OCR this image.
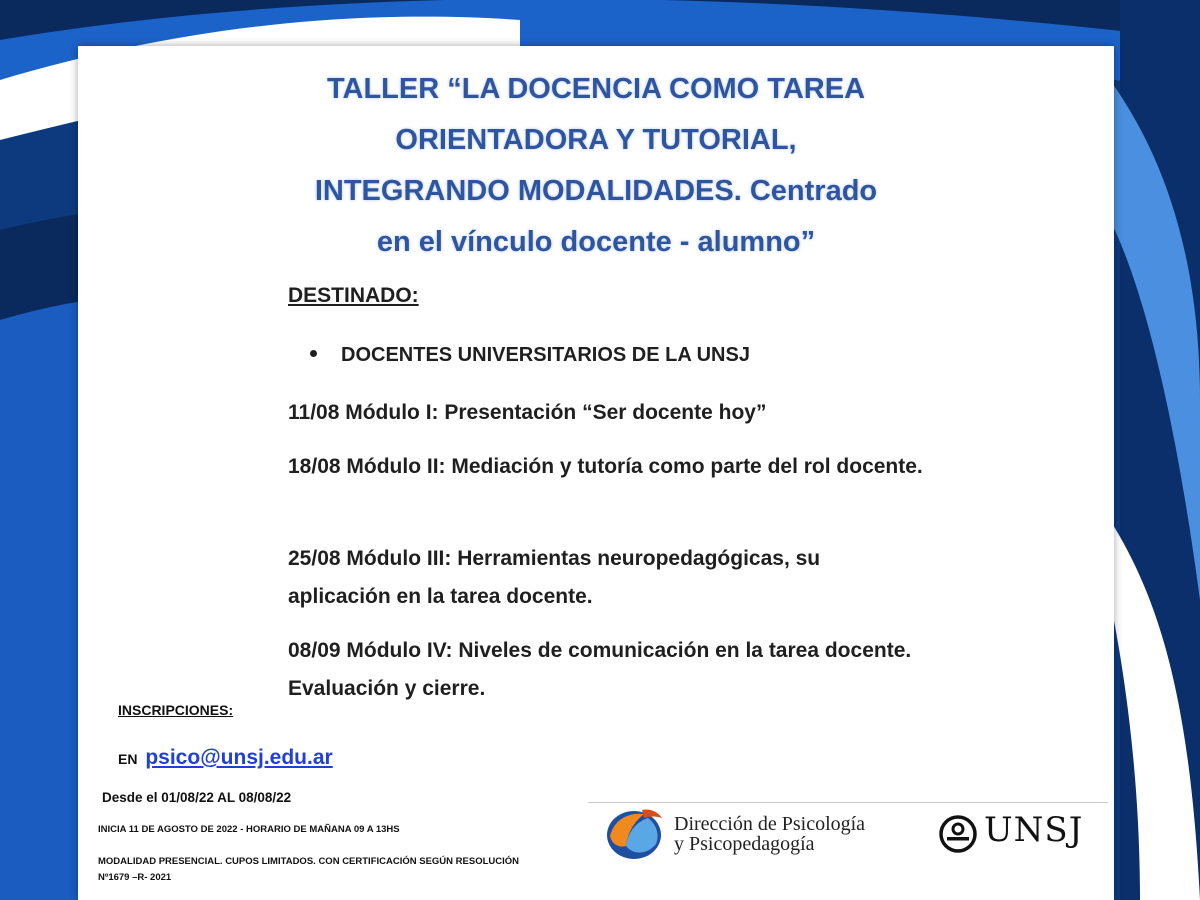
TALLER “LA DOCENCIA COMO TAREA
ORIENTADORA Y TUTORIAL,
INTEGRANDO MODALIDADES. Centrado
en el vínculo docente - alumno”
DESTINADO:
DOCENTES UNIVERSITARIOS DE LA UNSJ

11/08 Módulo I: Presentación “Ser docente hoy”

18/08 Módulo II: Mediación y tutoría como parte del rol docente.

25/08 Módulo III: Herramientas neuropedagógicas, su aplicación en la tarea docente.

08/09 Módulo IV: Niveles de comunicación en la tarea docente. Evaluación y cierre.

INSCRIPCIONES:
EN psico@unsj.edu.ar
Desde el 01/08/22 AL 08/08/22
INICIA 11 DE AGOSTO DE 2022 - HORARIO DE MAÑANA 09 A 13HS

MODALIDAD PRESENCIAL. CUPOS LIMITADOS. CON CERTIFICACIÓN SEGÚN RESOLUCIÓN Nº1679 –R- 2021

Dirección de Psicología
y Psicopedagogía	UNSJ
